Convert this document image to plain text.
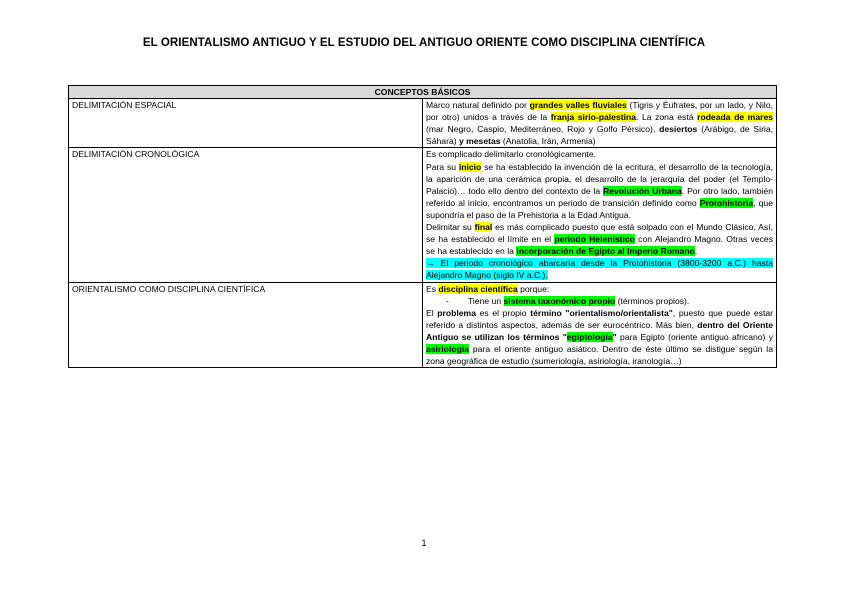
EL ORIENTALISMO ANTIGUO Y EL ESTUDIO DEL ANTIGUO ORIENTE COMO DISCIPLINA CIENTÍFICA
CONCEPTOS BÁSICOS	
DELIMITACIÓN ESPACIAL	Marco natural definido por grandes valles fluviales (Tigris y Éufrates, por un lado, y Nilo, por otro) unidos a través de la franja sirio-palestina. La zona está rodeada de mares (mar Negro, Caspio, Mediterráneo, Rojo y Golfo Pérsico), desiertos (Arábigo, de Siria, Sáhara) y mesetas (Anatolia, Irán, Armenia)

DELIMITACIÓN CRONOLÓGICA	Es complicado delimitarlo cronológicamente.
Para su inicio se ha establecido la invención de la ecritura, el desarrollo de la tecnología, la aparición de una cerámica propia, el desarrollo de la jerarquía del poder (el Templo-Palacio)… todo ello dentro del contexto de la Revolución Urbana. Por otro lado, también referido al inicio, encontramos un periodo de transición definido como Protohistoria, que supondría el paso de la Prehistoria a la Edad Antigua.
Delimitar su final es más complicado puesto que está solpado con el Mundo Clásico. Así, se ha establecido el límite en el periodo Helenístico con Alejandro Magno. Otras veces se ha establecido en la incorporación de Egipto al Imperio Romano.
→ El periodo cronológico abarcaría desde la Protohistoria (3800-3200 a.C.) hasta Alejandro Magno (siglo IV a.C.).

ORIENTALISMO COMO DISCIPLINA CIENTÍFICA	Es disciplina científica porque:
- Tiene un sistema taxonómico propio (términos propios).
El problema es el propio término "orientalismo/orientalista", puesto que puede estar referido a distintos aspectos, además de ser eurocéntrico. Más bien, dentro del Oriente Antiguo se utilizan los términos "egiptología" para Egipto (oriente antiguo africano) y asiriología para el oriente antiguo asiático. Dentro de éste último se distigue según la zona geográfica de estudio (sumeriología, asiriología, iranología…)
1
